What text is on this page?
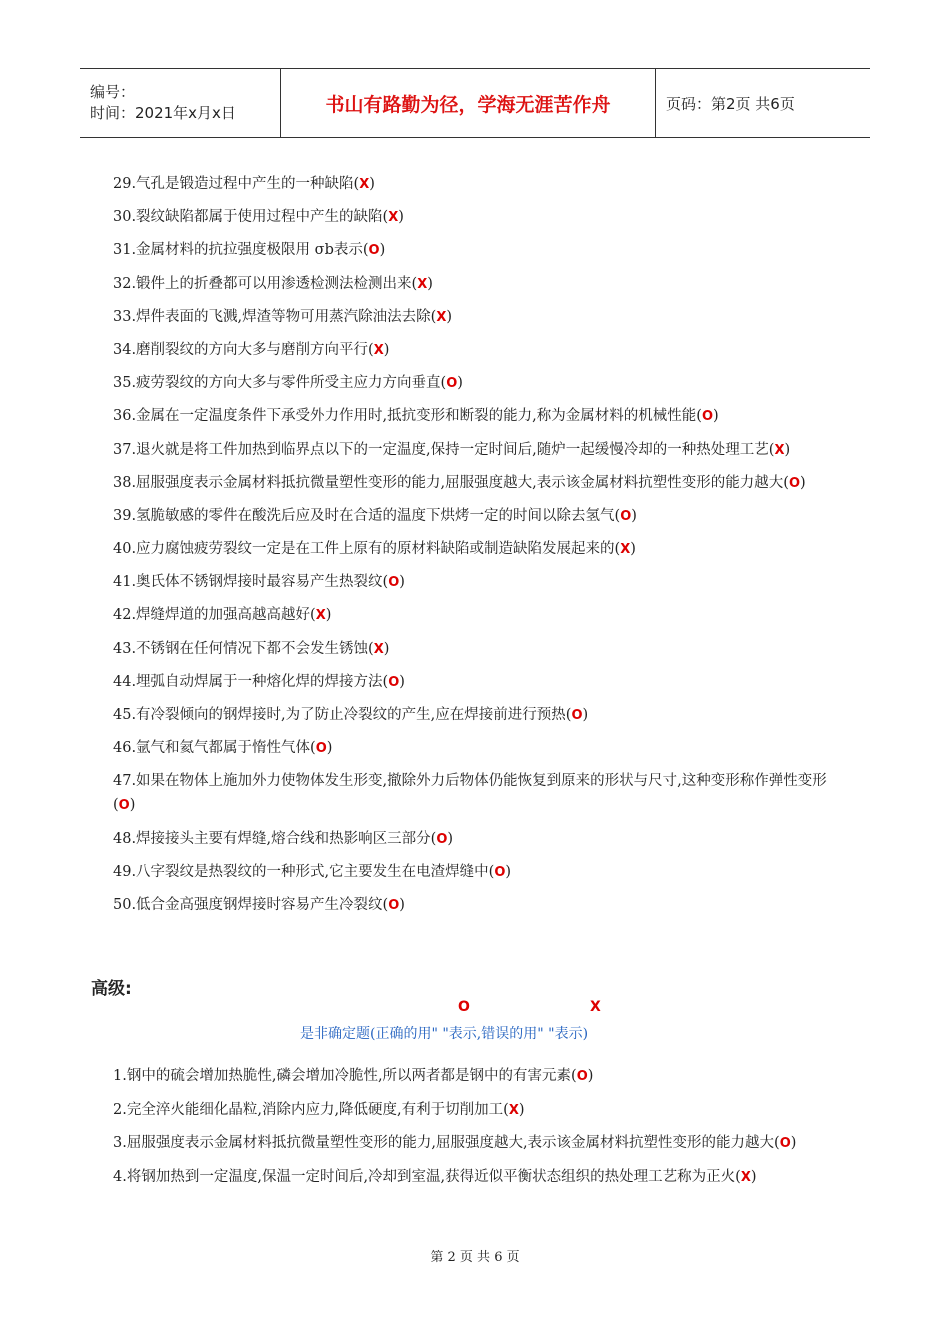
编号：
时间：2021年x月x日	书山有路勤为径，学海无涯苦作舟	页码：第2页 共6页
29.气孔是锻造过程中产生的一种缺陷(X)
30.裂纹缺陷都属于使用过程中产生的缺陷(X)
31.金属材料的抗拉强度极限用 σb表示(O)
32.锻件上的折叠都可以用渗透检测法检测出来(X)
33.焊件表面的飞溅,焊渣等物可用蒸汽除油法去除(X)
34.磨削裂纹的方向大多与磨削方向平行(X)
35.疲劳裂纹的方向大多与零件所受主应力方向垂直(O)
36.金属在一定温度条件下承受外力作用时,抵抗变形和断裂的能力,称为金属材料的机械性能(O)
37.退火就是将工件加热到临界点以下的一定温度,保持一定时间后,随炉一起缓慢冷却的一种热处理工艺(X)
38.屈服强度表示金属材料抵抗微量塑性变形的能力,屈服强度越大,表示该金属材料抗塑性变形的能力越大(O)
39.氢脆敏感的零件在酸洗后应及时在合适的温度下烘烤一定的时间以除去氢气(O)
40.应力腐蚀疲劳裂纹一定是在工件上原有的原材料缺陷或制造缺陷发展起来的(X)
41.奥氏体不锈钢焊接时最容易产生热裂纹(O)
42.焊缝焊道的加强高越高越好(X)
43.不锈钢在任何情况下都不会发生锈蚀(X)
44.埋弧自动焊属于一种熔化焊的焊接方法(O)
45.有冷裂倾向的钢焊接时,为了防止冷裂纹的产生,应在焊接前进行预热(O)
46.氩气和氦气都属于惰性气体(O)
47.如果在物体上施加外力使物体发生形变,撤除外力后物体仍能恢复到原来的形状与尺寸,这种变形称作弹性变形(O)
48.焊接接头主要有焊缝,熔合线和热影响区三部分(O)
49.八字裂纹是热裂纹的一种形式,它主要发生在电渣焊缝中(O)
50.低合金高强度钢焊接时容易产生冷裂纹(O)
高级:
O	X
是非确定题(正确的用" "表示,错误的用" "表示)
1.钢中的硫会增加热脆性,磷会增加冷脆性,所以两者都是钢中的有害元素(O)
2.完全淬火能细化晶粒,消除内应力,降低硬度,有利于切削加工(X)
3.屈服强度表示金属材料抵抗微量塑性变形的能力,屈服强度越大,表示该金属材料抗塑性变形的能力越大(O)
4.将钢加热到一定温度,保温一定时间后,冷却到室温,获得近似平衡状态组织的热处理工艺称为正火(X)
第 2 页 共 6 页
